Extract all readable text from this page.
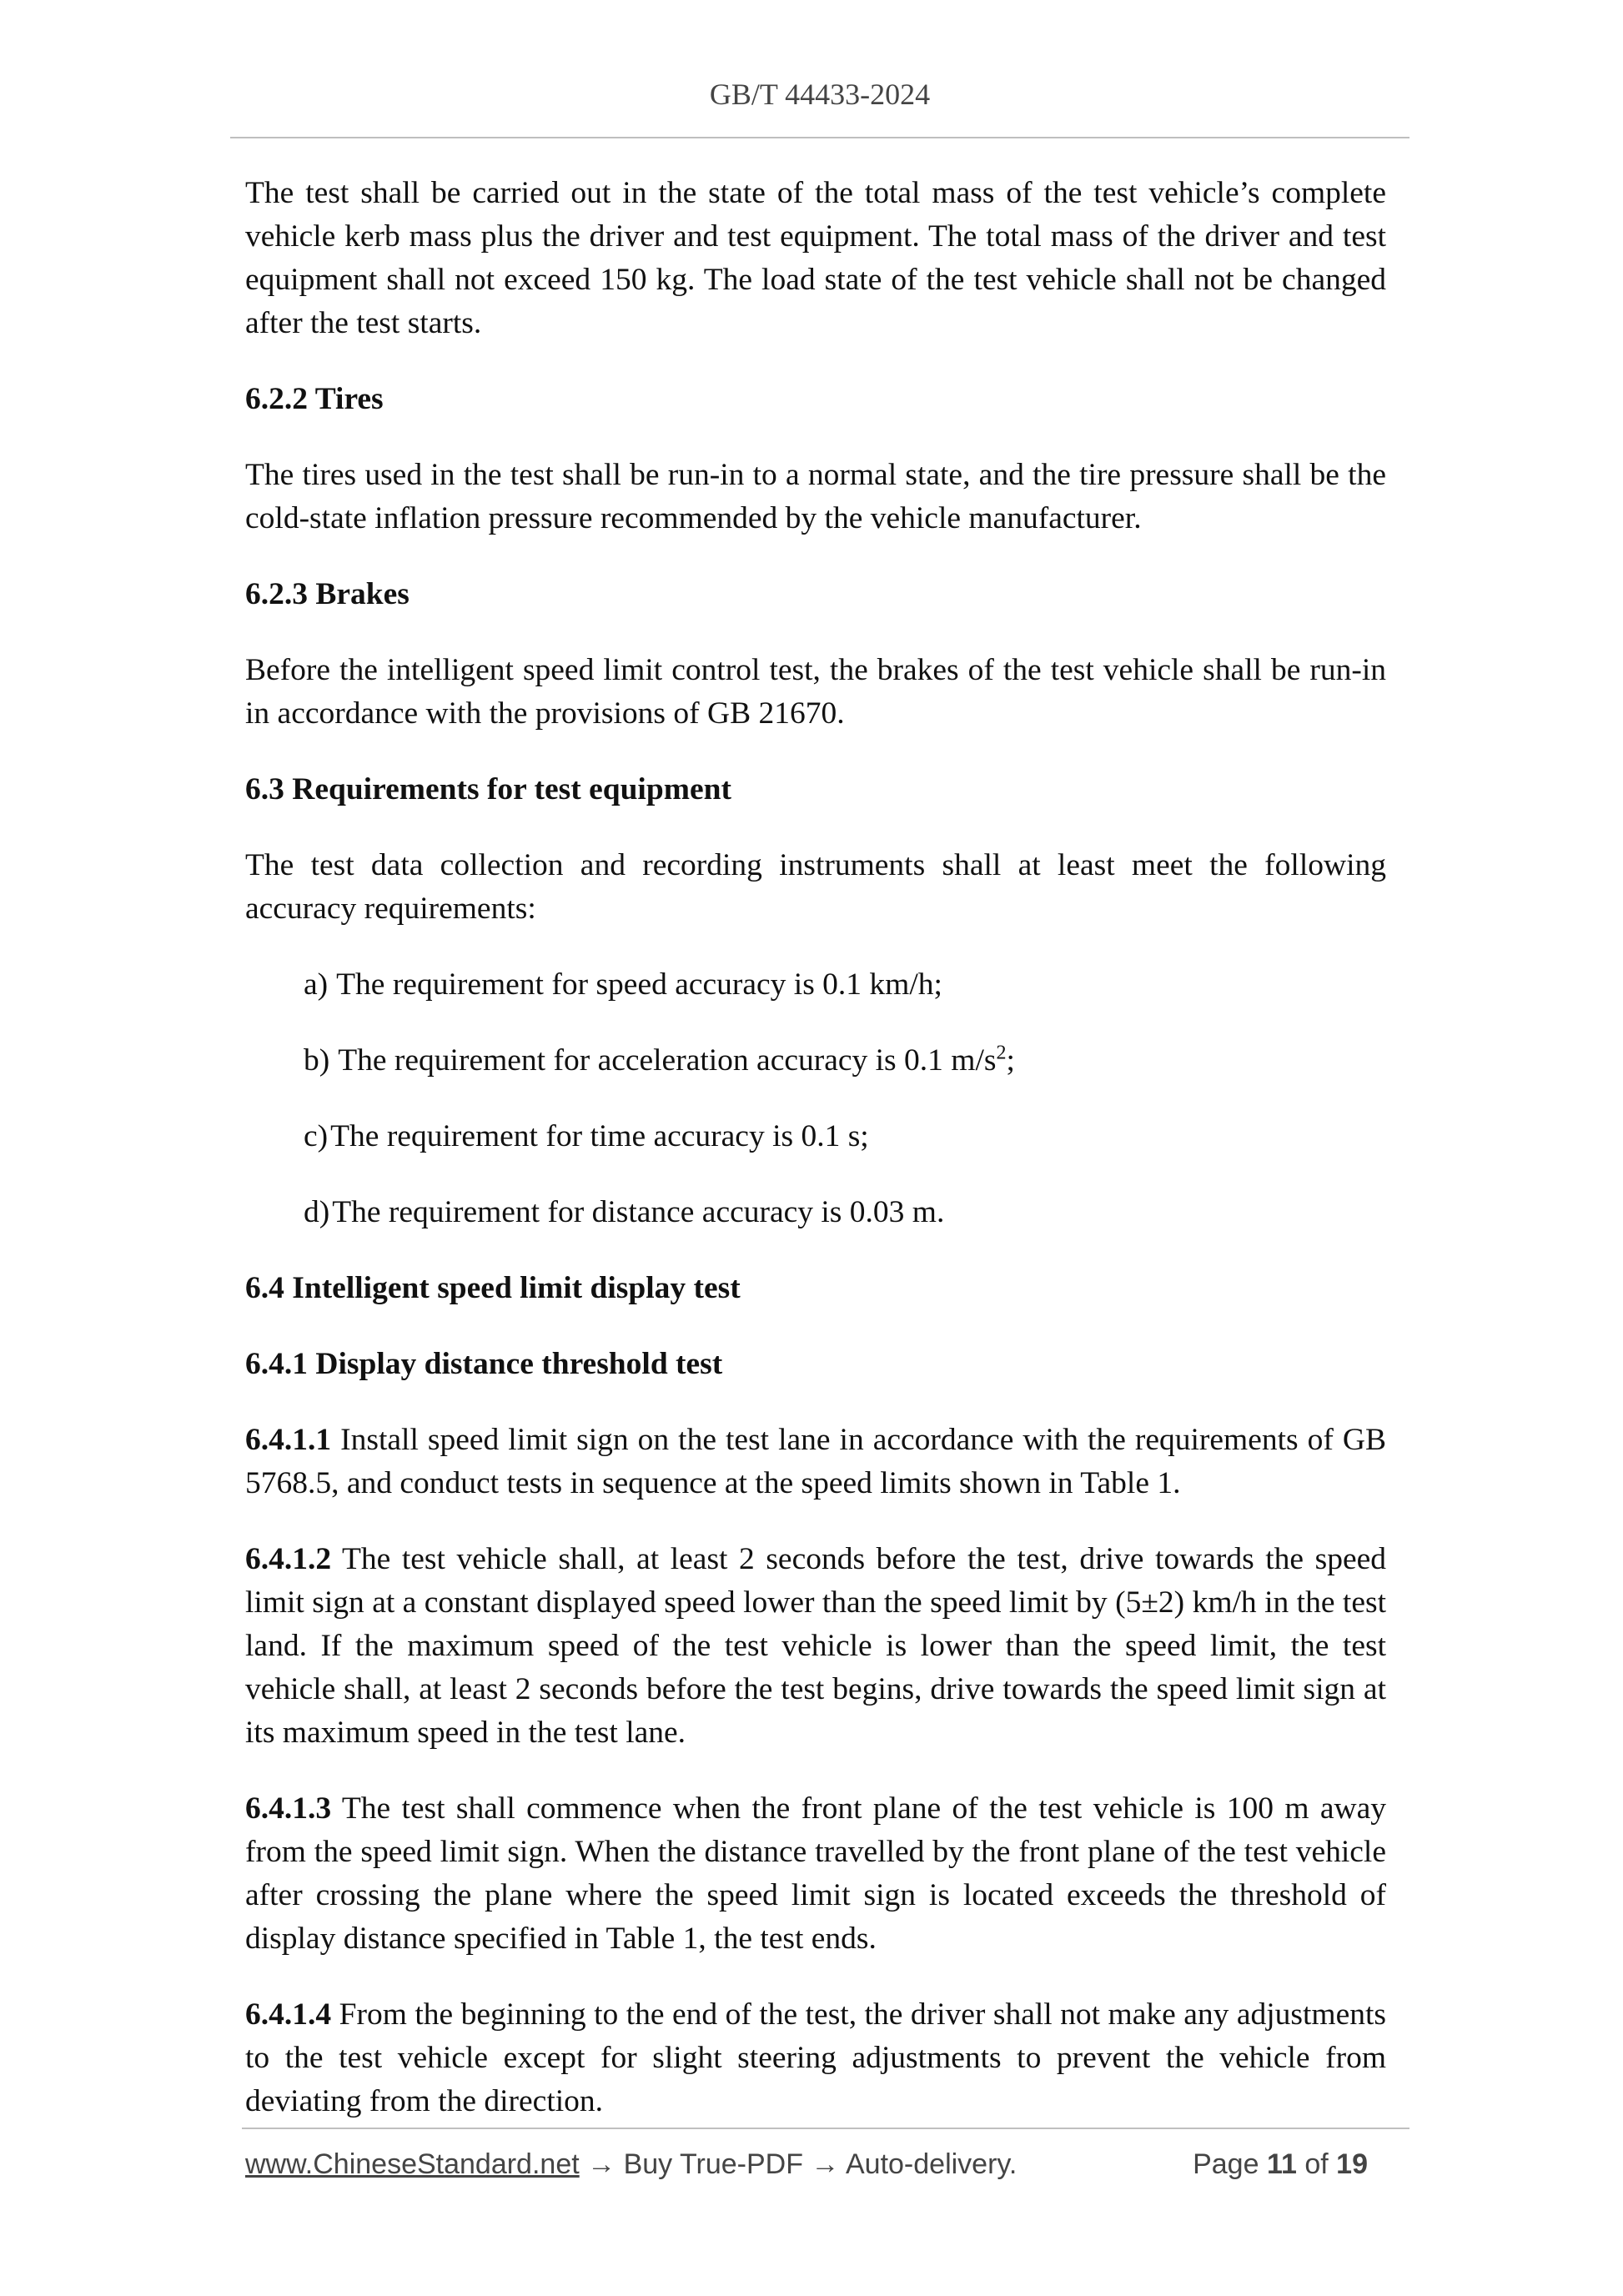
GB/T 44433-2024

The test shall be carried out in the state of the total mass of the test vehicle’s complete vehicle kerb mass plus the driver and test equipment. The total mass of the driver and test equipment shall not exceed 150 kg. The load state of the test vehicle shall not be changed after the test starts.

6.2.2 Tires

The tires used in the test shall be run-in to a normal state, and the tire pressure shall be the cold-state inflation pressure recommended by the vehicle manufacturer.

6.2.3 Brakes

Before the intelligent speed limit control test, the brakes of the test vehicle shall be run-in in accordance with the provisions of GB 21670.

6.3 Requirements for test equipment

The test data collection and recording instruments shall at least meet the following accuracy requirements:

a) The requirement for speed accuracy is 0.1 km/h;
b) The requirement for acceleration accuracy is 0.1 $m/s^2$;
c)The requirement for time accuracy is 0.1 s;
d)The requirement for distance accuracy is 0.03 m.
6.4 Intelligent speed limit display test
6.4.1 Display distance threshold test

6.4.1.1 Install speed limit sign on the test lane in accordance with the requirements of GB 5768.5, and conduct tests in sequence at the speed limits shown in Table 1.

6.4.1.2 The test vehicle shall, at least 2 seconds before the test, drive towards the speed limit sign at a constant displayed speed lower than the speed limit by (5±2) km/h in the test land. If the maximum speed of the test vehicle is lower than the speed limit, the test vehicle shall, at least 2 seconds before the test begins, drive towards the speed limit sign at its maximum speed in the test lane.

6.4.1.3 The test shall commence when the front plane of the test vehicle is 100 m away from the speed limit sign. When the distance travelled by the front plane of the test vehicle after crossing the plane where the speed limit sign is located exceeds the threshold of display distance specified in Table 1, the test ends.

6.4.1.4 From the beginning to the end of the test, the driver shall not make any adjustments to the test vehicle except for slight steering adjustments to prevent the vehicle from deviating from the direction.

www.ChineseStandard.net → Buy True-PDF → Auto-delivery.	Page 11 of 19
